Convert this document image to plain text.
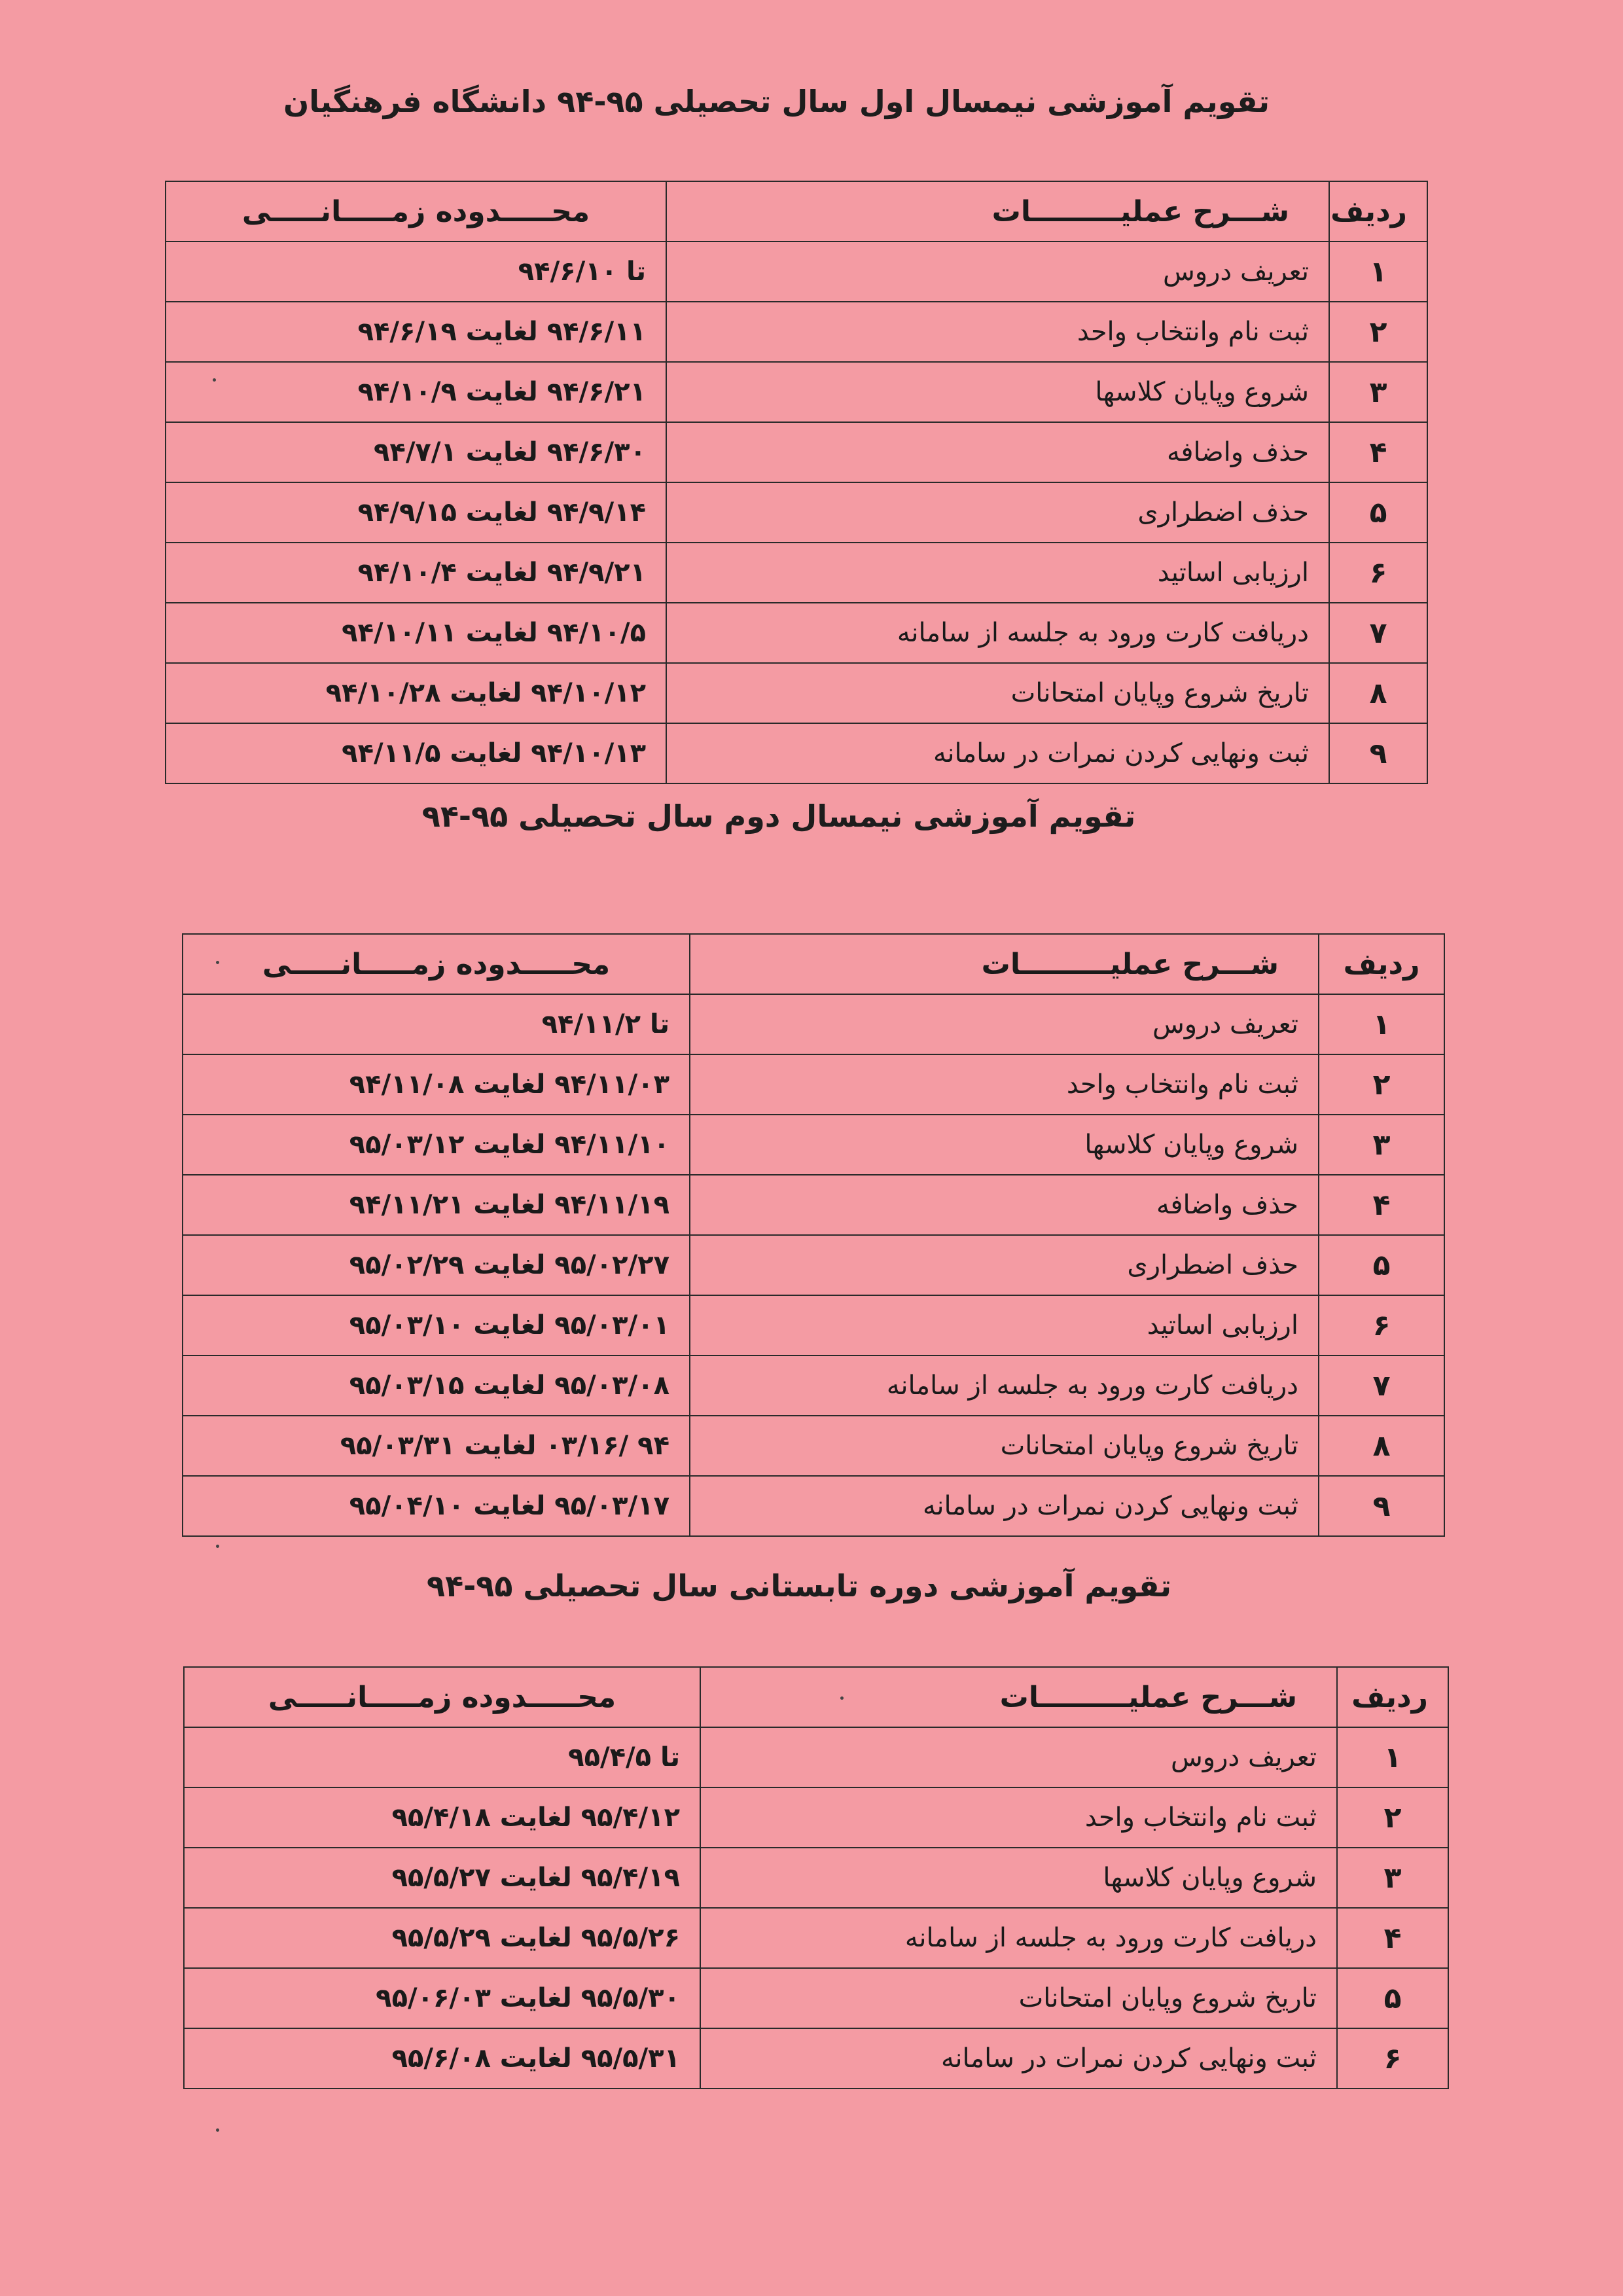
تقویم آموزشی نیمسال اول سال تحصیلی ۹۵-۹۴ دانشگاه فرهنگیان
ردیف	شـــرح عملیـــــــــات	محـــــدوده زمـــــانـــــی
۱	تعریف دروس	تا ۹۴/۶/۱۰
۲	ثبت نام وانتخاب واحد	۹۴/۶/۱۱ لغایت ۹۴/۶/۱۹
۳	شروع وپایان کلاسها	۹۴/۶/۲۱ لغایت ۹۴/۱۰/۹
۴	حذف واضافه	۹۴/۶/۳۰ لغایت ۹۴/۷/۱
۵	حذف اضطراری	۹۴/۹/۱۴ لغایت ۹۴/۹/۱۵
۶	ارزیابی اساتید	۹۴/۹/۲۱ لغایت ۹۴/۱۰/۴
۷	دریافت کارت ورود به جلسه از سامانه	۹۴/۱۰/۵ لغایت ۹۴/۱۰/۱۱
۸	تاریخ شروع وپایان امتحانات	۹۴/۱۰/۱۲ لغایت ۹۴/۱۰/۲۸
۹	ثبت ونهایی کردن نمرات در سامانه	۹۴/۱۰/۱۳ لغایت ۹۴/۱۱/۵
تقویم آموزشی نیمسال دوم سال تحصیلی ۹۵-۹۴
ردیف	شـــرح عملیـــــــــات	محـــــدوده زمـــــانـــــی
۱	تعریف دروس	تا ۹۴/۱۱/۲
۲	ثبت نام وانتخاب واحد	۹۴/۱۱/۰۳ لغایت ۹۴/۱۱/۰۸
۳	شروع وپایان کلاسها	۹۴/۱۱/۱۰ لغایت ۹۵/۰۳/۱۲
۴	حذف واضافه	۹۴/۱۱/۱۹ لغایت ۹۴/۱۱/۲۱
۵	حذف اضطراری	۹۵/۰۲/۲۷ لغایت ۹۵/۰۲/۲۹
۶	ارزیابی اساتید	۹۵/۰۳/۰۱ لغایت ۹۵/۰۳/۱۰
۷	دریافت کارت ورود به جلسه از سامانه	۹۵/۰۳/۰۸ لغایت ۹۵/۰۳/۱۵
۸	تاریخ شروع وپایان امتحانات	۹۴ /۰۳/۱۶ لغایت ۹۵/۰۳/۳۱
۹	ثبت ونهایی کردن نمرات در سامانه	۹۵/۰۳/۱۷ لغایت ۹۵/۰۴/۱۰
تقویم آموزشی دوره تابستانی سال تحصیلی ۹۵-۹۴
ردیف	شـــرح عملیـــــــــات	محـــــدوده زمـــــانـــــی
۱	تعریف دروس	تا ۹۵/۴/۵
۲	ثبت نام وانتخاب واحد	۹۵/۴/۱۲ لغایت ۹۵/۴/۱۸
۳	شروع وپایان کلاسها	۹۵/۴/۱۹ لغایت ۹۵/۵/۲۷
۴	دریافت کارت ورود به جلسه از سامانه	۹۵/۵/۲۶ لغایت ۹۵/۵/۲۹
۵	تاریخ شروع وپایان امتحانات	۹۵/۵/۳۰ لغایت ۹۵/۰۶/۰۳
۶	ثبت ونهایی کردن نمرات در سامانه	۹۵/۵/۳۱ لغایت ۹۵/۶/۰۸
